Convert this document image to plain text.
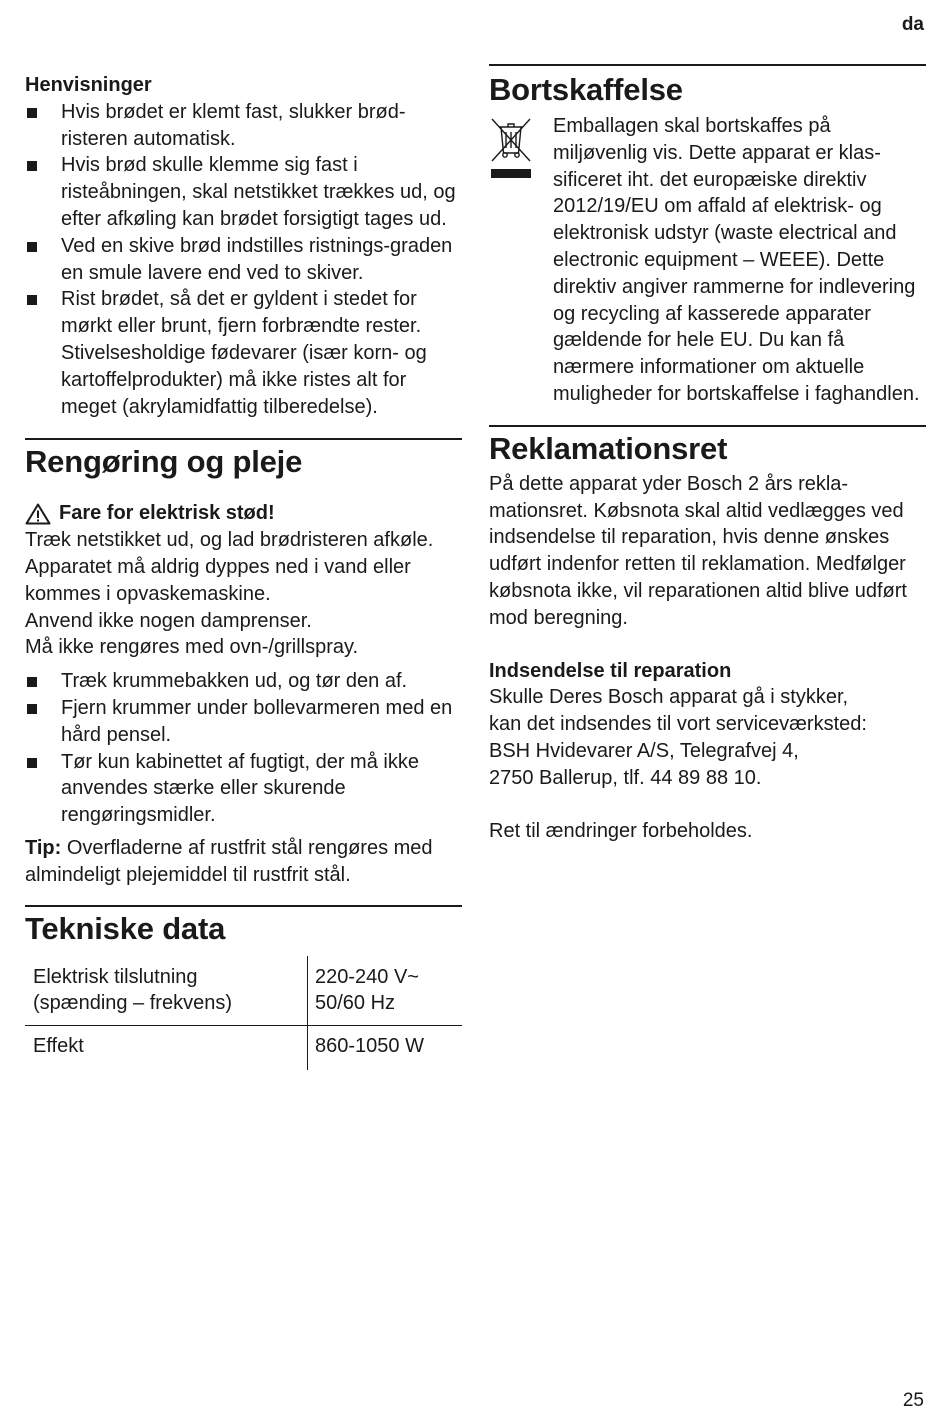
da

Henvisninger

Hvis brødet er klemt fast, slukker brød-risteren automatisk.
Hvis brød skulle klemme sig fast i risteåbningen, skal netstikket trækkes ud, og efter afkøling kan brødet forsigtigt tages ud.
Ved en skive brød indstilles ristnings-graden en smule lavere end ved to skiver.
Rist brødet, så det er gyldent i stedet for mørkt eller brunt, fjern forbrændte rester. Stivelsesholdige fødevarer (især korn- og kartoffelprodukter) må ikke ristes alt for meget (akrylamidfattig tilberedelse).
Rengøring og pleje
Fare for elektrisk stød!

Træk netstikket ud, og lad brødristeren afkøle. Apparatet må aldrig dyppes ned i vand eller kommes i opvaskemaskine.

Anvend ikke nogen damprenser.

Må ikke rengøres med ovn-/grillspray.

Træk krummebakken ud, og tør den af.
Fjern krummer under bollevarmeren med en hård pensel.
Tør kun kabinettet af fugtigt, der må ikke anvendes stærke eller skurende rengøringsmidler.

Tip: Overfladerne af rustfrit stål rengøres med almindeligt plejemiddel til rustfrit stål.

Tekniske data
Elektrisk tilslutning
(spænding – frekvens)	220-240 V~
50/60 Hz
Effekt	860-1050 W
Bortskaffelse

Emballagen skal bortskaffes på miljøvenlig vis. Dette apparat er klas-sificeret iht. det europæiske direktiv 2012/19/EU om affald af elektrisk- og elektronisk udstyr (waste electrical and electronic equipment – WEEE). Dette direktiv angiver rammerne for indlevering og recycling af kasserede apparater gældende for hele EU. Du kan få nærmere informationer om aktuelle muligheder for bortskaffelse i faghandlen.

Reklamationsret

På dette apparat yder Bosch 2 års rekla-mationsret. Købsnota skal altid vedlægges ved indsendelse til reparation, hvis denne ønskes udført indenfor retten til reklamation. Medfølger købsnota ikke, vil reparationen altid blive udført mod beregning.

Indsendelse til reparation

Skulle Deres Bosch apparat gå i stykker,

kan det indsendes til vort serviceværksted:

BSH Hvidevarer A/S, Telegrafvej 4,

2750 Ballerup, tlf. 44 89 88 10.

Ret til ændringer forbeholdes.

25
